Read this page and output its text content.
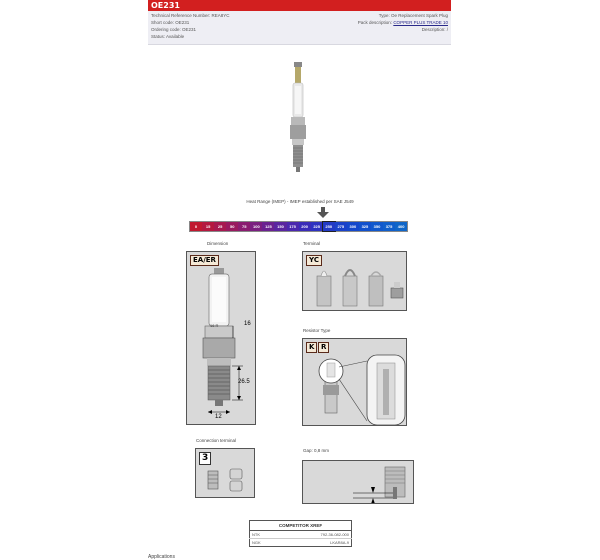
OE231
Technical Reference Number: REA8YC
Short code: OE231
Ordering code: OE231
Status: Available
Type: Oe Replacement Spark Plug
Pack description: COPPER PLUS TRADE 10
Description: /
Heat Range (IMEP) - IMEP established per SAE J549
0	15	25	50	75	100	125	150	175	200	225	250	275	300	325	350	375	400
Dimension
EA/ER
16 R	16
26.5
12
Terminal
YC
Resistor Type
K R
Connection terminal
3
Gap: 0,8 mm
COMPETITOR XREF	
NTK	792-36-082-000
NGK	LKAR8A-9
Applications
